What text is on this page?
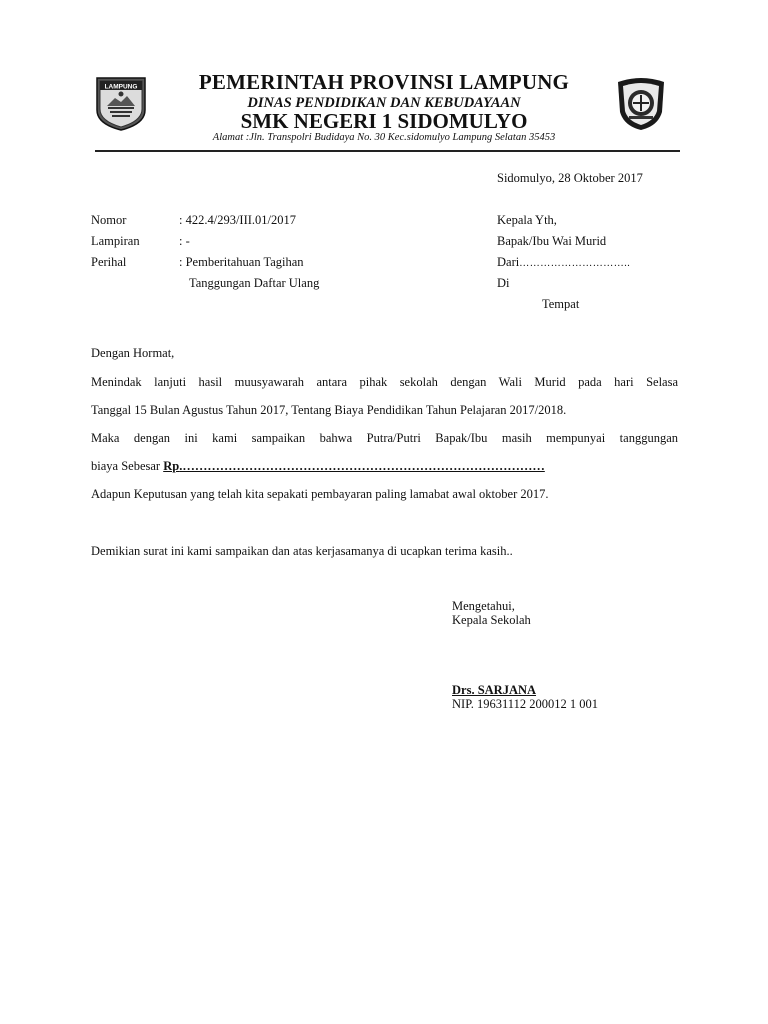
LAMPUNG	PEMERINTAH PROVINSI LAMPUNG
DINAS PENDIDIKAN DAN KEBUDAYAAN
SMK NEGERI 1 SIDOMULYO
Alamat :Jln. Transpolri Budidaya No. 30 Kec.sidomulyo Lampung Selatan 35453
Sidomulyo, 28 Oktober 2017
Nomor	: 422.4/293/III.01/2017
Lampiran	: -
Perihal	: Pemberitahuan Tagihan
Tanggungan Daftar Ulang
Kepala Yth,
Bapak/Ibu Wai Murid
Dari…………………………..
Di
Tempat
Dengan Hormat,
Menindak lanjuti hasil muusyawarah antara pihak sekolah dengan Wali Murid pada hari Selasa
Tanggal 15 Bulan Agustus Tahun 2017, Tentang Biaya Pendidikan Tahun Pelajaran 2017/2018.
Maka dengan ini kami sampaikan bahwa Putra/Putri Bapak/Ibu masih mempunyai tanggungan
biaya Sebesar Rp.……………………………………………………………………………
Adapun Keputusan yang telah kita sepakati pembayaran paling lamabat awal oktober 2017.
Demikian surat ini kami sampaikan dan atas kerjasamanya di ucapkan terima kasih..
Mengetahui,
Kepala Sekolah
Drs. SARJANA
NIP. 19631112 200012 1 001
